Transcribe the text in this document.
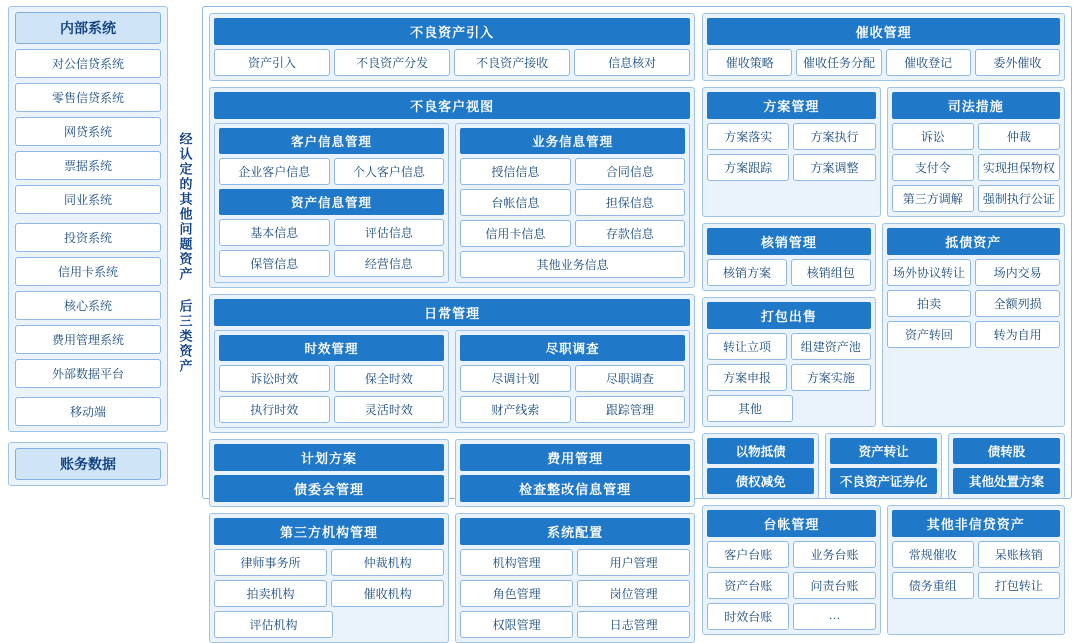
内部系统
对公信贷系统
零售信贷系统
网贷系统
票据系统
同业系统
投资系统
信用卡系统
核心系统
费用管理系统
外部数据平台
移动端
账务数据
经认定的其他问题资产 后三类资产
不良资产引入
资产引入	不良资产分发	不良资产接收	信息核对
不良客户视图
客户信息管理
企业客户信息	个人客户信息
资产信息管理
基本信息	评估信息
保管信息	经营信息
业务信息管理
授信信息	合同信息
台帐信息	担保信息
信用卡信息	存款信息
其他业务信息
日常管理
时效管理
诉讼时效	保全时效
执行时效	灵活时效
尽职调查
尽调计划	尽职调查
财产线索	跟踪管理
计划方案
债委会管理
费用管理
检查整改信息管理
第三方机构管理
律师事务所	仲裁机构
拍卖机构	催收机构
评估机构
系统配置
机构管理	用户管理
角色管理	岗位管理
权限管理	日志管理
催收管理
催收策略	催收任务分配	催收登记	委外催收
方案管理
方案落实	方案执行
方案跟踪	方案调整
司法措施
诉讼	仲裁
支付令	实现担保物权
第三方调解	强制执行公证
核销管理
核销方案	核销组包
打包出售
转让立项	组建资产池
方案申报	方案实施
其他
抵债资产
场外协议转让	场内交易
拍卖	全额列损
资产转回	转为自用
以物抵债
债权减免
资产转让
不良资产证券化
债转股
其他处置方案
台帐管理
客户台账	业务台账
资产台账	问责台账
时效台账	…
其他非信贷资产
常规催收	呆账核销
债务重组	打包转让
